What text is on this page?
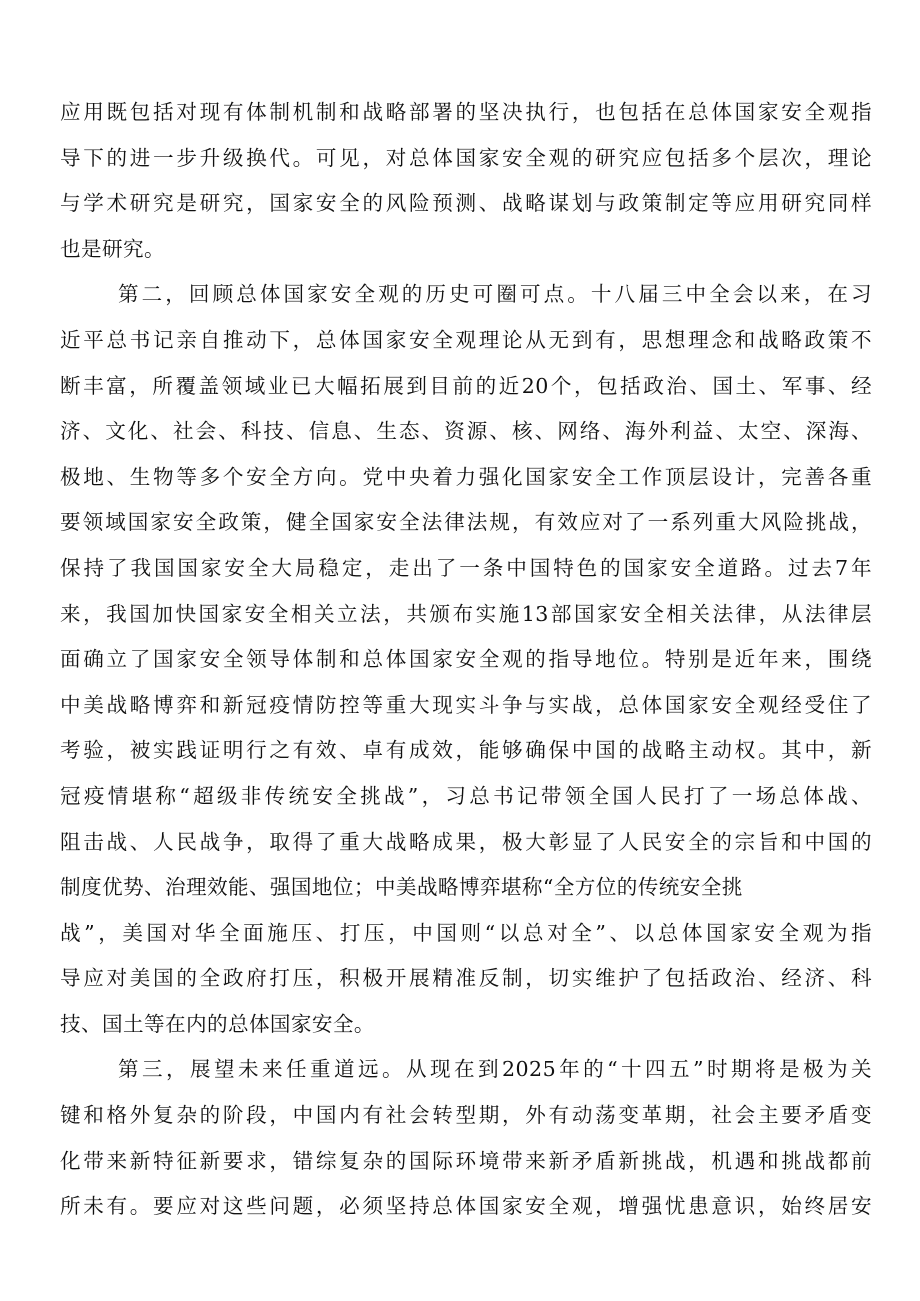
应用既包括对现有体制机制和战略部署的坚决执行，也包括在总体国家安全观指
导下的进一步升级换代。可见，对总体国家安全观的研究应包括多个层次，理论
与学术研究是研究，国家安全的风险预测、战略谋划与政策制定等应用研究同样
也是研究。
第二，回顾总体国家安全观的历史可圈可点。十八届三中全会以来，在习
近平总书记亲自推动下，总体国家安全观理论从无到有，思想理念和战略政策不
断丰富，所覆盖领域业已大幅拓展到目前的近20个，包括政治、国土、军事、经
济、文化、社会、科技、信息、生态、资源、核、网络、海外利益、太空、深海、
极地、生物等多个安全方向。党中央着力强化国家安全工作顶层设计，完善各重
要领域国家安全政策，健全国家安全法律法规，有效应对了一系列重大风险挑战，
保持了我国国家安全大局稳定，走出了一条中国特色的国家安全道路。过去7年
来，我国加快国家安全相关立法，共颁布实施13部国家安全相关法律，从法律层
面确立了国家安全领导体制和总体国家安全观的指导地位。特别是近年来，围绕
中美战略博弈和新冠疫情防控等重大现实斗争与实战，总体国家安全观经受住了
考验，被实践证明行之有效、卓有成效，能够确保中国的战略主动权。其中，新
冠疫情堪称“超级非传统安全挑战”，习总书记带领全国人民打了一场总体战、
阻击战、人民战争，取得了重大战略成果，极大彰显了人民安全的宗旨和中国的
制度优势、治理效能、强国地位；中美战略博弈堪称“全方位的传统安全挑
战”，美国对华全面施压、打压，中国则“以总对全”、以总体国家安全观为指
导应对美国的全政府打压，积极开展精准反制，切实维护了包括政治、经济、科
技、国土等在内的总体国家安全。
第三，展望未来任重道远。从现在到2025年的“十四五”时期将是极为关
键和格外复杂的阶段，中国内有社会转型期，外有动荡变革期，社会主要矛盾变
化带来新特征新要求，错综复杂的国际环境带来新矛盾新挑战，机遇和挑战都前
所未有。要应对这些问题，必须坚持总体国家安全观，增强忧患意识，始终居安
